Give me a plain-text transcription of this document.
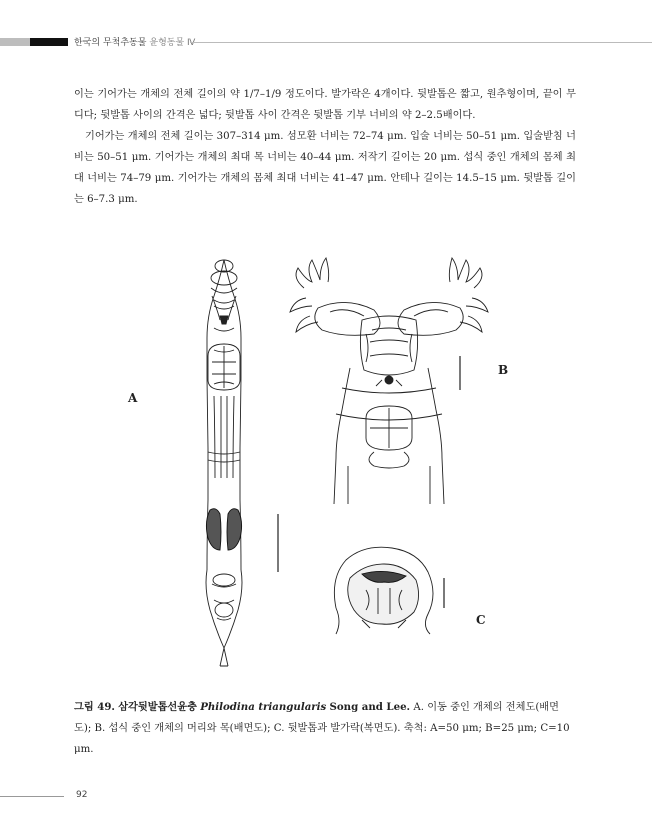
한국의 무척추동물 윤형동물 Ⅳ

이는 기어가는 개체의 전체 길이의 약 1/7–1/9 정도이다. 발가락은 4개이다. 뒷발톱은 짧고, 원추형이며, 끝이 무디다; 뒷발톱 사이의 간격은 넓다; 뒷발톱 사이 간격은 뒷발톱 기부 너비의 약 2–2.5배이다.

기어가는 개체의 전체 길이는 307–314 μm. 섬모환 너비는 72–74 μm. 입술 너비는 50–51 μm. 입술받침 너비는 50–51 μm. 기어가는 개체의 최대 목 너비는 40–44 μm. 저작기 길이는 20 μm. 섭식 중인 개체의 몸체 최대 너비는 74–79 μm. 기어가는 개체의 몸체 최대 너비는 41–47 μm. 안테나 길이는 14.5–15 μm. 뒷발톱 길이는 6–7.3 μm.

A
B
C
그림 49. 삼각뒷발톱선윤충 Philodina triangularis Song and Lee. A. 이동 중인 개체의 전체도(배면도); B. 섭식 중인 개체의 머리와 목(배면도); C. 뒷발톱과 발가락(복면도). 축척: A=50 μm; B=25 μm; C=10 μm.
92
